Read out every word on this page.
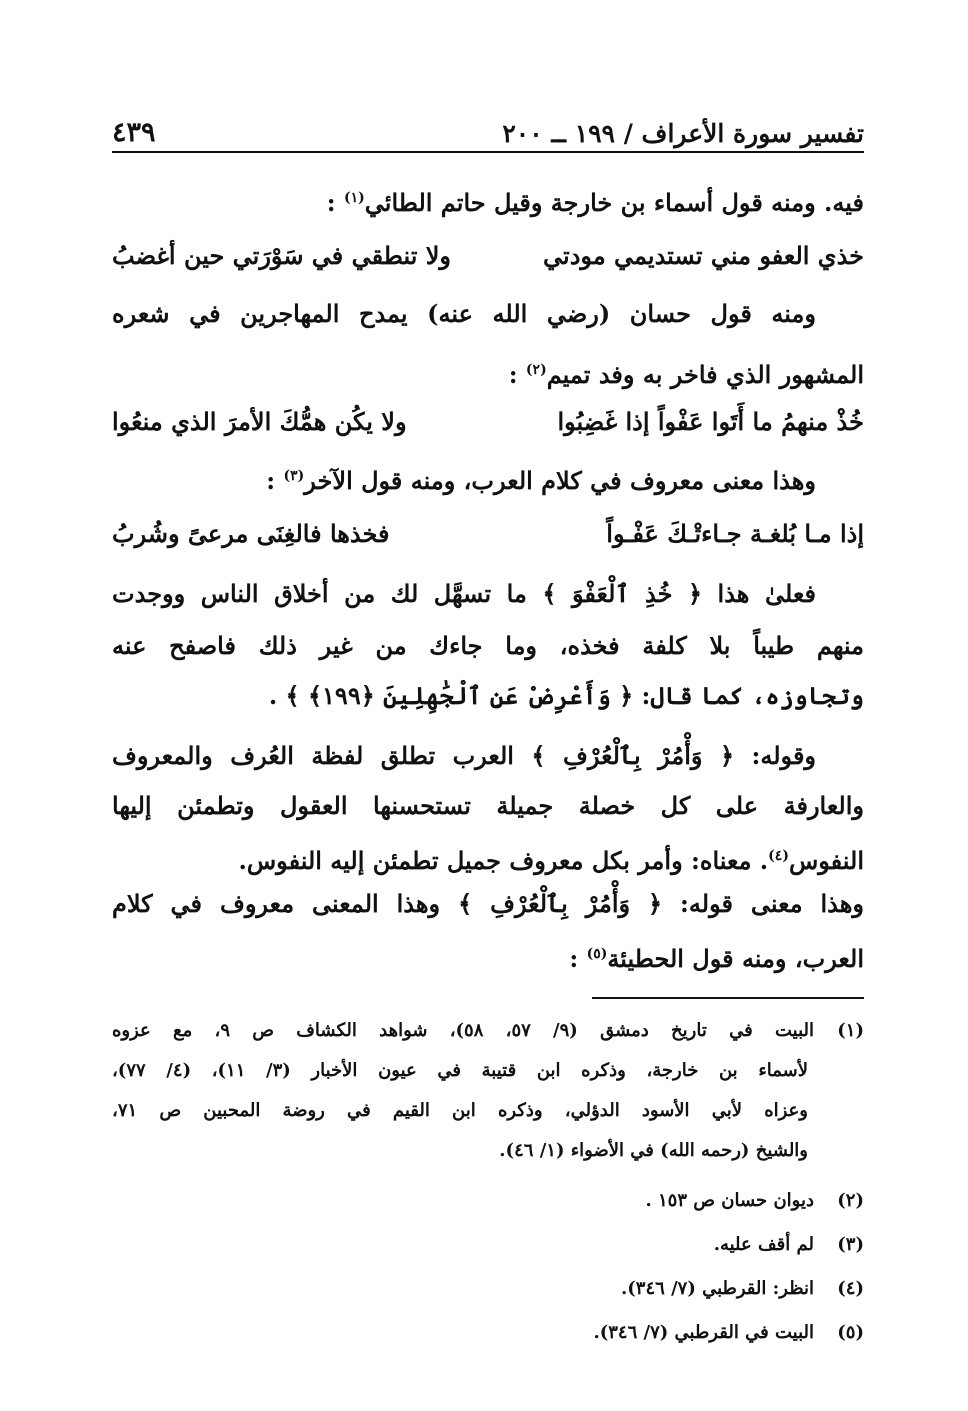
تفسير سورة الأعراف / ١٩٩ ــ ٢٠٠
٤٣٩
فيه. ومنه قول أسماء بن خارجة وقيل حاتم الطائي$^{(١)}$ :
خذي العفو مني تستديمي مودتي
ولا تنطقي في سَوْرَتي حين أغضبُ
ومنه قول حسان (رضي الله عنه) يمدح المهاجرين في شعره
المشهور الذي فاخر به وفد تميم$^{(٢)}$ :
خُذْ منهمُ ما أَتَوا عَفْواً إذا غَضِبُوا
ولا يكُن همُّكَ الأمرَ الذي منعُوا
وهذا معنى معروف في كلام العرب، ومنه قول الآخر$^{(٣)}$ :
إذا مـا بُلغـة جـاءتْـكَ عَفْـواً
فخذها فالغِنَى مرعىً وشُربُ
فعلىٰ هذا ﴿ خُذِ ٱلْعَفْوَ ﴾ ما تسهَّل لك من أخلاق الناس ووجدت
منهم طيباً بلا كلفة فخذه، وما جاءك من غير ذلك فاصفح عنه
وتجاوزه، كما قال: ﴿ وَأَعْرِضْ عَنِ ٱلْجَٰهِلِينَ ﴿١٩٩﴾ ﴾ .
وقوله: ﴿ وَأْمُرْ بِٱلْعُرْفِ ﴾ العرب تطلق لفظة العُرف والمعروف
والعارفة على كل خصلة جميلة تستحسنها العقول وتطمئن إليها
النفوس$^{(٤)}$. معناه: وأمر بكل معروف جميل تطمئن إليه النفوس.
وهذا معنى قوله: ﴿ وَأْمُرْ بِٱلْعُرْفِ ﴾ وهذا المعنى معروف في كلام
العرب، ومنه قول الحطيئة$^{(٥)}$ :
(١)البيت في تاريخ دمشق (٩/ ٥٧، ٥٨)، شواهد الكشاف ص ٩، مع عزوه
لأسماء بن خارجة، وذكره ابن قتيبة في عيون الأخبار (٣/ ١١)، (٤/ ٧٧)،
وعزاه لأبي الأسود الدؤلي، وذكره ابن القيم في روضة المحبين ص ٧١،
والشيخ (رحمه الله) في الأضواء (١/ ٤٦).
(٢)ديوان حسان ص ١٥٣ .
(٣)لم أقف عليه.
(٤)انظر: القرطبي (٧/ ٣٤٦).
(٥)البيت في القرطبي (٧/ ٣٤٦).
